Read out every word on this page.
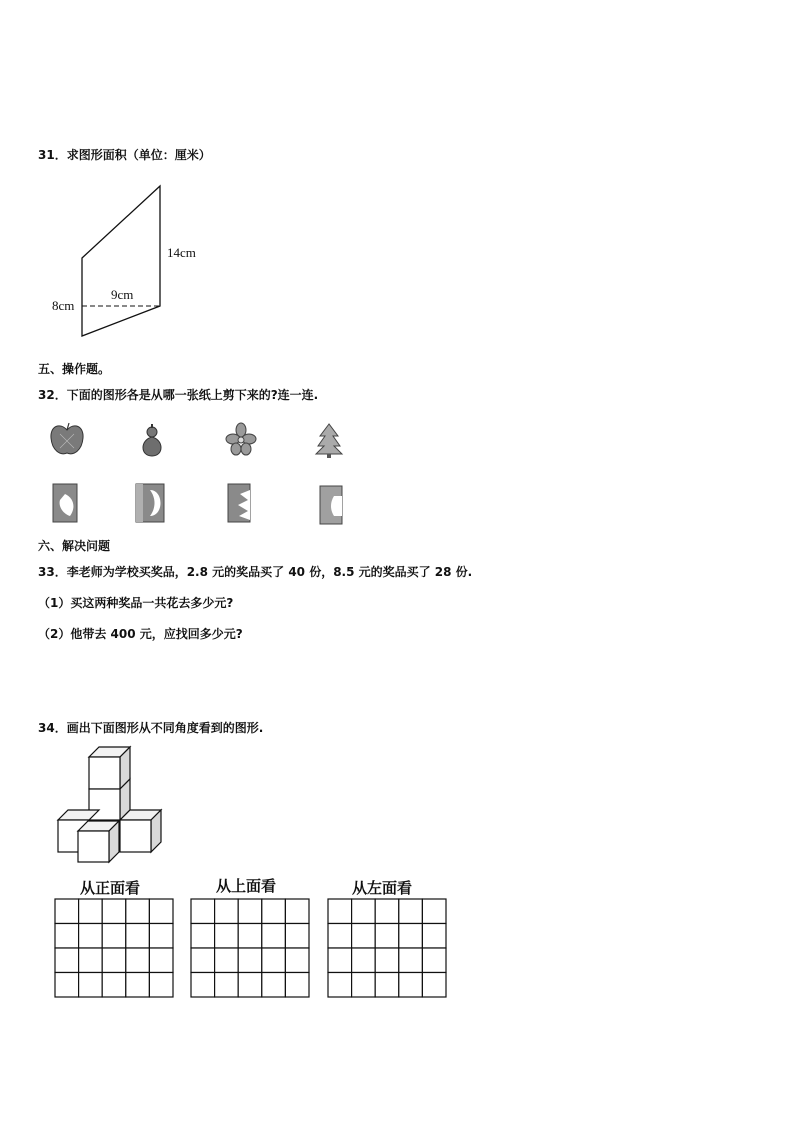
31．求图形面积（单位：厘米）
14cm
9cm
8cm
五、操作题。
32．下面的图形各是从哪一张纸上剪下来的?连一连.
六、解决问题
33．李老师为学校买奖品，2.8 元的奖品买了 40 份，8.5 元的奖品买了 28 份.
（1）买这两种奖品一共花去多少元?
（2）他带去 400 元，应找回多少元?
34．画出下面图形从不同角度看到的图形.
从正面看	从上面看	从左面看
